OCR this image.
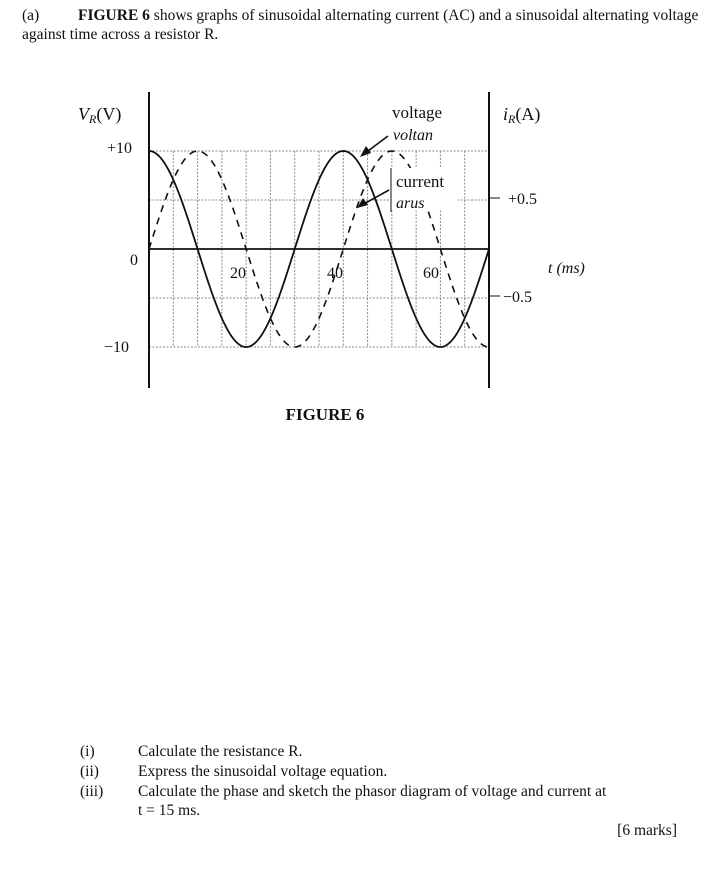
(a)	FIGURE 6 shows graphs of sinusoidal alternating current (AC) and a sinusoidal alternating voltage against time across a resistor R.
VR(V)	iR(A)
+10
0
−10
+0.5
−0.5
20	40	60	t (ms)
voltage
voltan
current
arus
FIGURE 6
(i)	Calculate the resistance R.
(ii)	Express the sinusoidal voltage equation.
(iii)	Calculate the phase and sketch the phasor diagram of voltage and current at
t = 15 ms.
[6 marks]
